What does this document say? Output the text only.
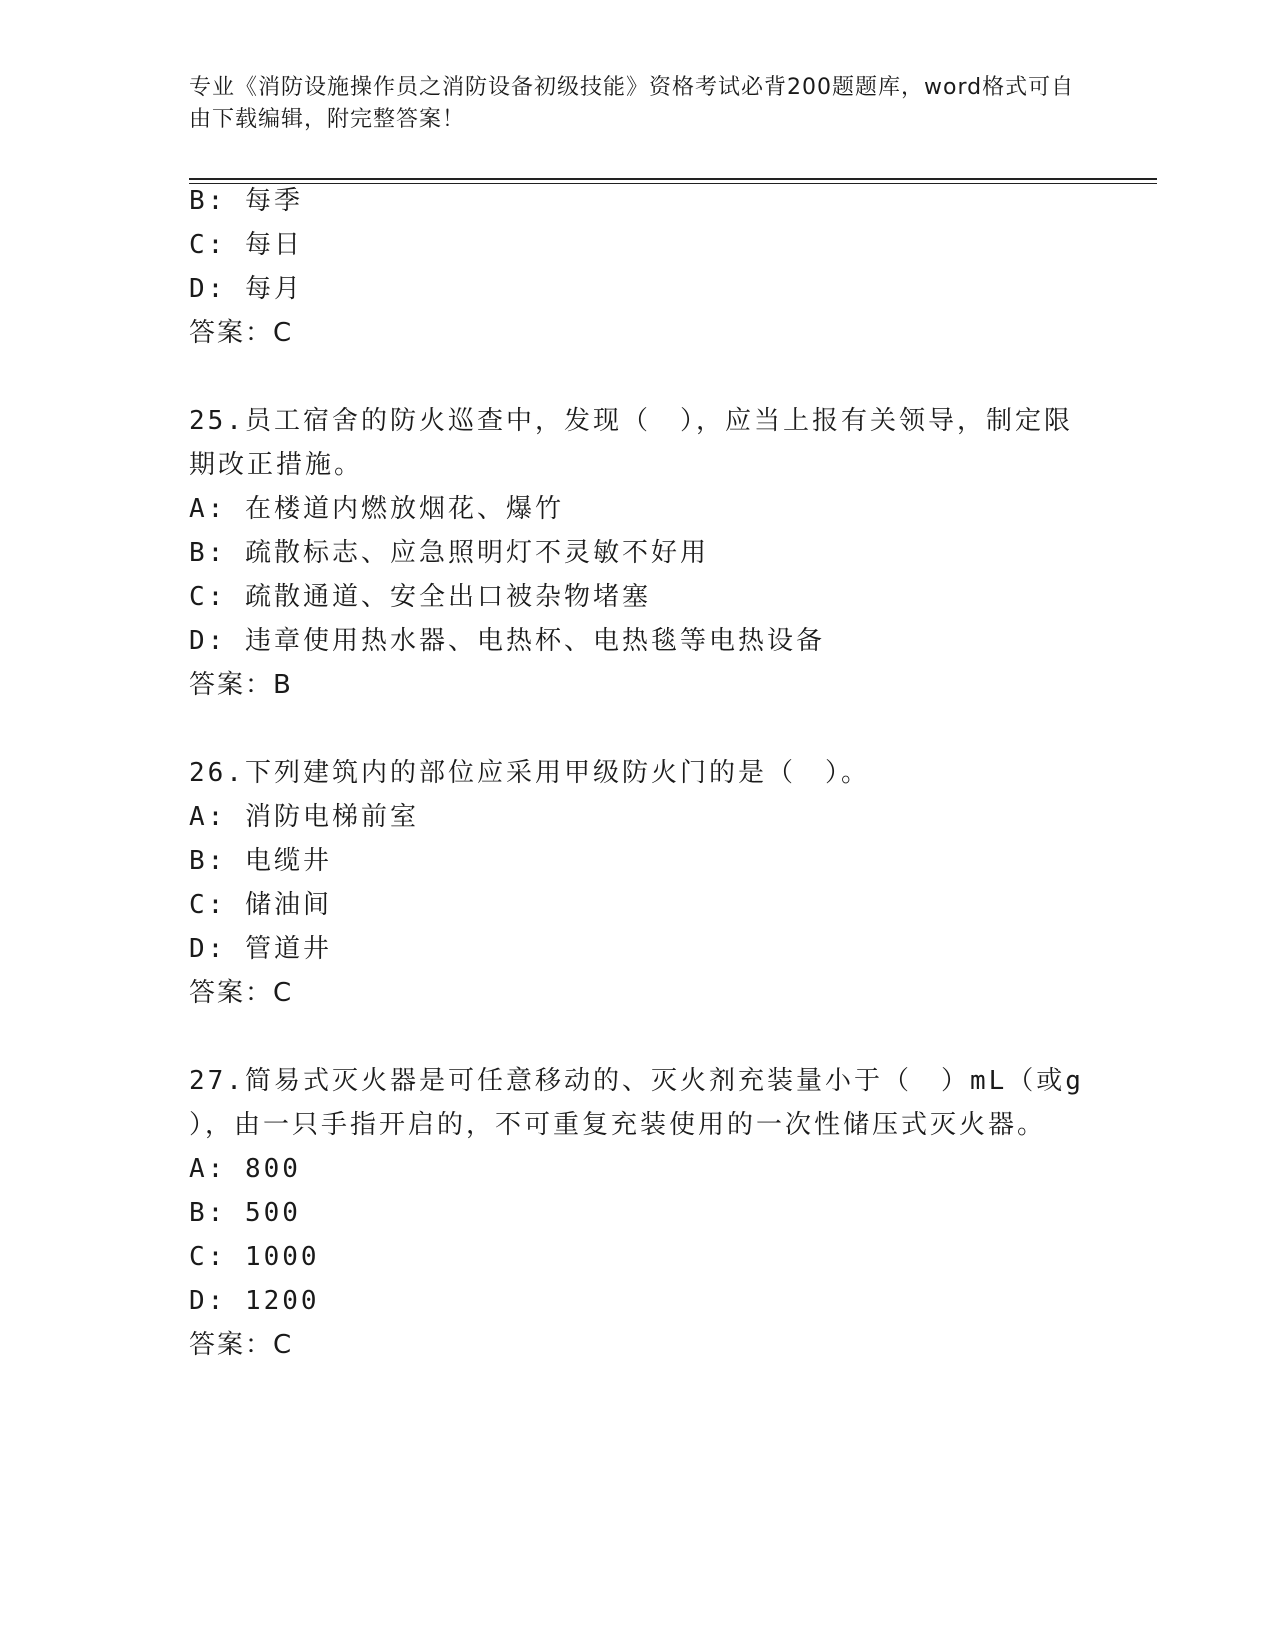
专业《消防设施操作员之消防设备初级技能》资格考试必背200题题库，word格式可自由下载编辑，附完整答案！
B: 每季
C: 每日
D: 每月
答案：C
25.员工宿舍的防火巡查中，发现（　），应当上报有关领导，制定限
期改正措施。
A: 在楼道内燃放烟花、爆竹
B: 疏散标志、应急照明灯不灵敏不好用
C: 疏散通道、安全出口被杂物堵塞
D: 违章使用热水器、电热杯、电热毯等电热设备
答案：B
26.下列建筑内的部位应采用甲级防火门的是（　）。
A: 消防电梯前室
B: 电缆井
C: 储油间
D: 管道井
答案：C
27.简易式灭火器是可任意移动的、灭火剂充装量小于（　）mL（或g
），由一只手指开启的，不可重复充装使用的一次性储压式灭火器。
A: 800
B: 500
C: 1000
D: 1200
答案：C
